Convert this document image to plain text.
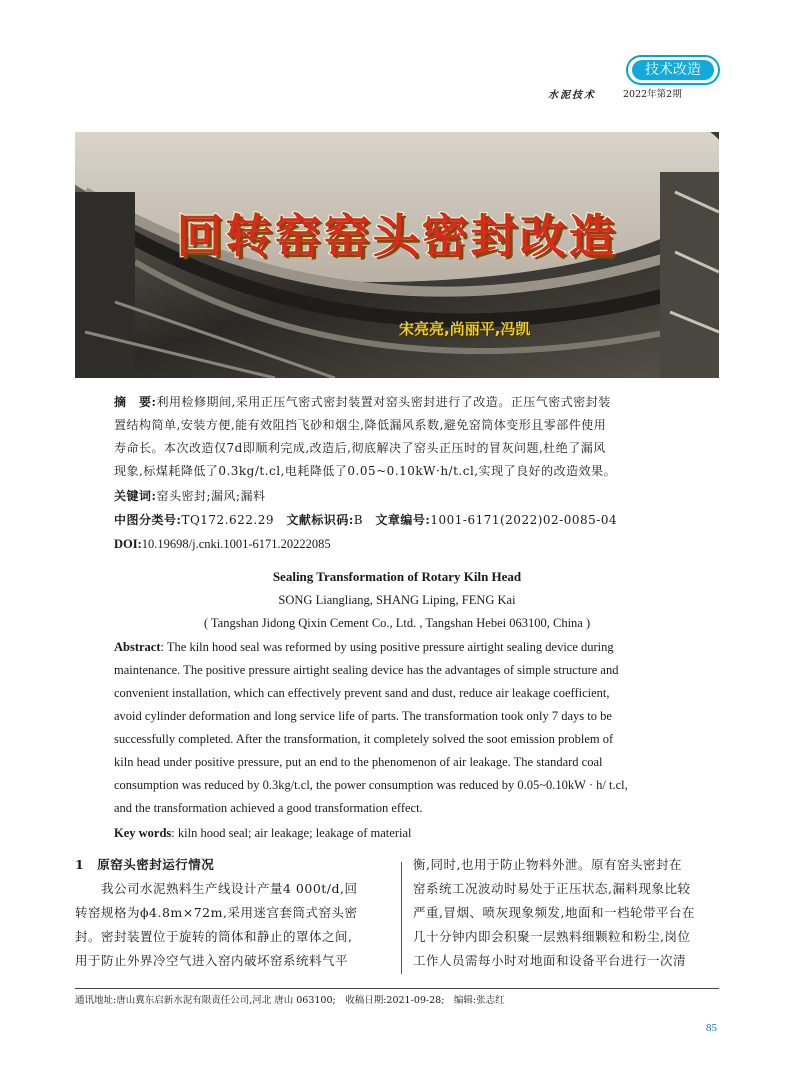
技术改造
水泥技术	2022年第2期
回转窑窑头密封改造
宋亮亮,尚丽平,冯凯
摘　要:利用检修期间,采用正压气密式密封装置对窑头密封进行了改造。正压气密式密封装
置结构简单,安装方便,能有效阻挡飞砂和烟尘,降低漏风系数,避免窑筒体变形且零部件使用
寿命长。本次改造仅7d即顺利完成,改造后,彻底解决了窑头正压时的冒灰问题,杜绝了漏风
现象,标煤耗降低了0.3kg/t.cl,电耗降低了0.05~0.10kW·h/t.cl,实现了良好的改造效果。
关键词:窑头密封;漏风;漏料
中图分类号:TQ172.622.29 文献标识码:B 文章编号:1001-6171(2022)02-0085-04
DOI:10.19698/j.cnki.1001-6171.20222085
Sealing Transformation of Rotary Kiln Head
SONG Liangliang, SHANG Liping, FENG Kai
( Tangshan Jidong Qixin Cement Co., Ltd. , Tangshan Hebei 063100, China )
Abstract: The kiln hood seal was reformed by using positive pressure airtight sealing device during
maintenance. The positive pressure airtight sealing device has the advantages of simple structure and
convenient installation, which can effectively prevent sand and dust, reduce air leakage coefficient,
avoid cylinder deformation and long service life of parts. The transformation took only 7 days to be
successfully completed. After the transformation, it completely solved the soot emission problem of
kiln head under positive pressure, put an end to the phenomenon of air leakage. The standard coal
consumption was reduced by 0.3kg/t.cl, the power consumption was reduced by 0.05~0.10kW · h/ t.cl,
and the transformation achieved a good transformation effect.
Key words: kiln hood seal; air leakage; leakage of material
1　原窑头密封运行情况
　　我公司水泥熟料生产线设计产量4 000t/d,回
转窑规格为ϕ4.8m×72m,采用迷宫套筒式窑头密
封。密封装置位于旋转的筒体和静止的罩体之间,
用于防止外界冷空气进入窑内破坏窑系统料气平
衡,同时,也用于防止物料外泄。原有窑头密封在
窑系统工况波动时易处于正压状态,漏料现象比较
严重,冒烟、喷灰现象频发,地面和一档轮带平台在
几十分钟内即会积聚一层熟料细颗粒和粉尘,岗位
工作人员需每小时对地面和设备平台进行一次清
通讯地址:唐山冀东启新水泥有限责任公司,河北 唐山 063100;　收稿日期:2021-09-28;　编辑:张志红
85
